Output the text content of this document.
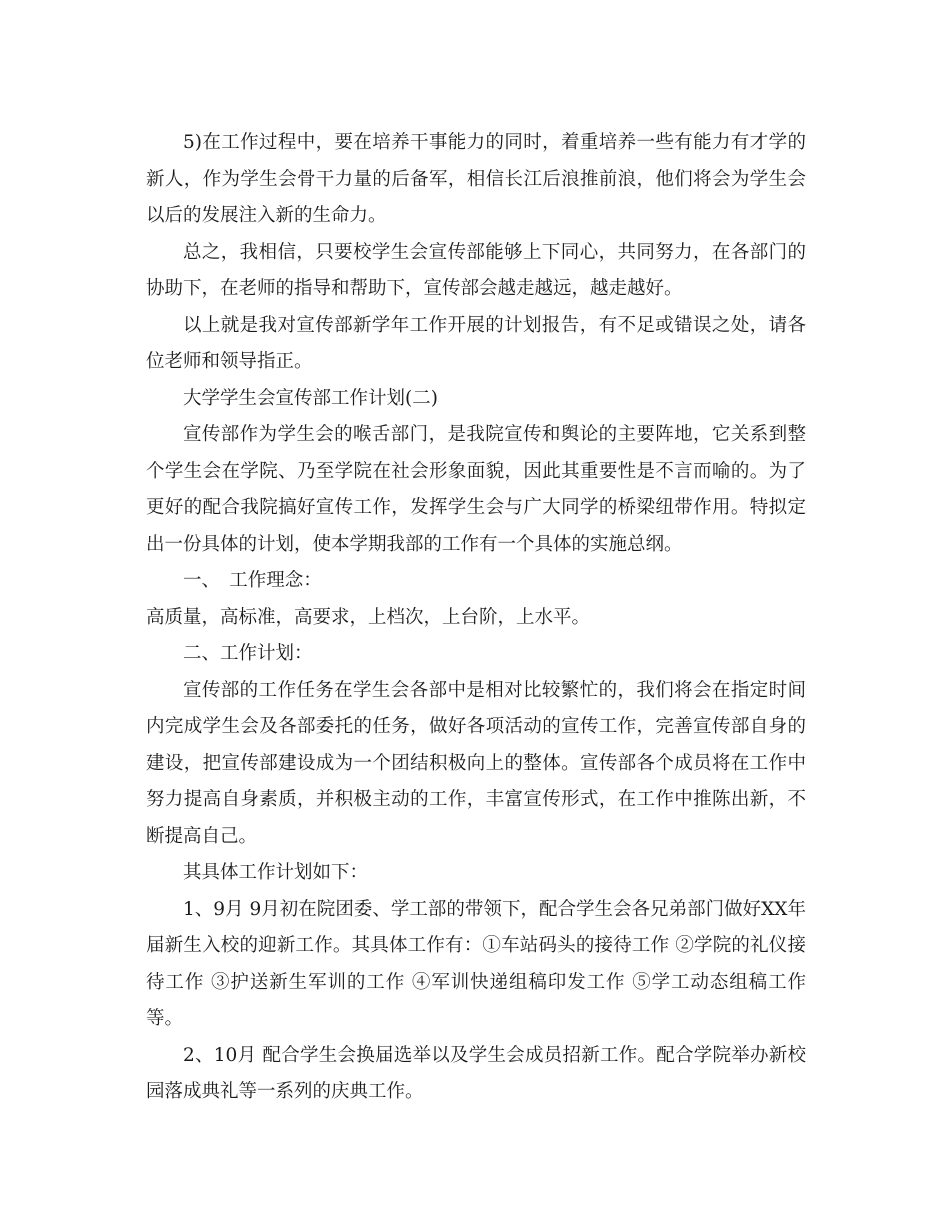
5)在工作过程中，要在培养干事能力的同时，着重培养一些有能力有才学的新人，作为学生会骨干力量的后备军，相信长江后浪推前浪，他们将会为学生会以后的发展注入新的生命力。

总之，我相信，只要校学生会宣传部能够上下同心，共同努力，在各部门的协助下，在老师的指导和帮助下，宣传部会越走越远，越走越好。

以上就是我对宣传部新学年工作开展的计划报告，有不足或错误之处，请各位老师和领导指正。

大学学生会宣传部工作计划(二)

宣传部作为学生会的喉舌部门，是我院宣传和舆论的主要阵地，它关系到整个学生会在学院、乃至学院在社会形象面貌，因此其重要性是不言而喻的。为了更好的配合我院搞好宣传工作，发挥学生会与广大同学的桥梁纽带作用。特拟定出一份具体的计划，使本学期我部的工作有一个具体的实施总纲。

一、　工作理念：

高质量，高标准，高要求，上档次，上台阶，上水平。

二、工作计划：

宣传部的工作任务在学生会各部中是相对比较繁忙的，我们将会在指定时间内完成学生会及各部委托的任务，做好各项活动的宣传工作，完善宣传部自身的建设，把宣传部建设成为一个团结积极向上的整体。宣传部各个成员将在工作中努力提高自身素质，并积极主动的工作，丰富宣传形式，在工作中推陈出新，不断提高自己。

其具体工作计划如下：

1、9月 9月初在院团委、学工部的带领下，配合学生会各兄弟部门做好XX年届新生入校的迎新工作。其具体工作有：①车站码头的接待工作 ②学院的礼仪接待工作 ③护送新生军训的工作 ④军训快递组稿印发工作 ⑤学工动态组稿工作等。

2、10月 配合学生会换届选举以及学生会成员招新工作。配合学院举办新校园落成典礼等一系列的庆典工作。
